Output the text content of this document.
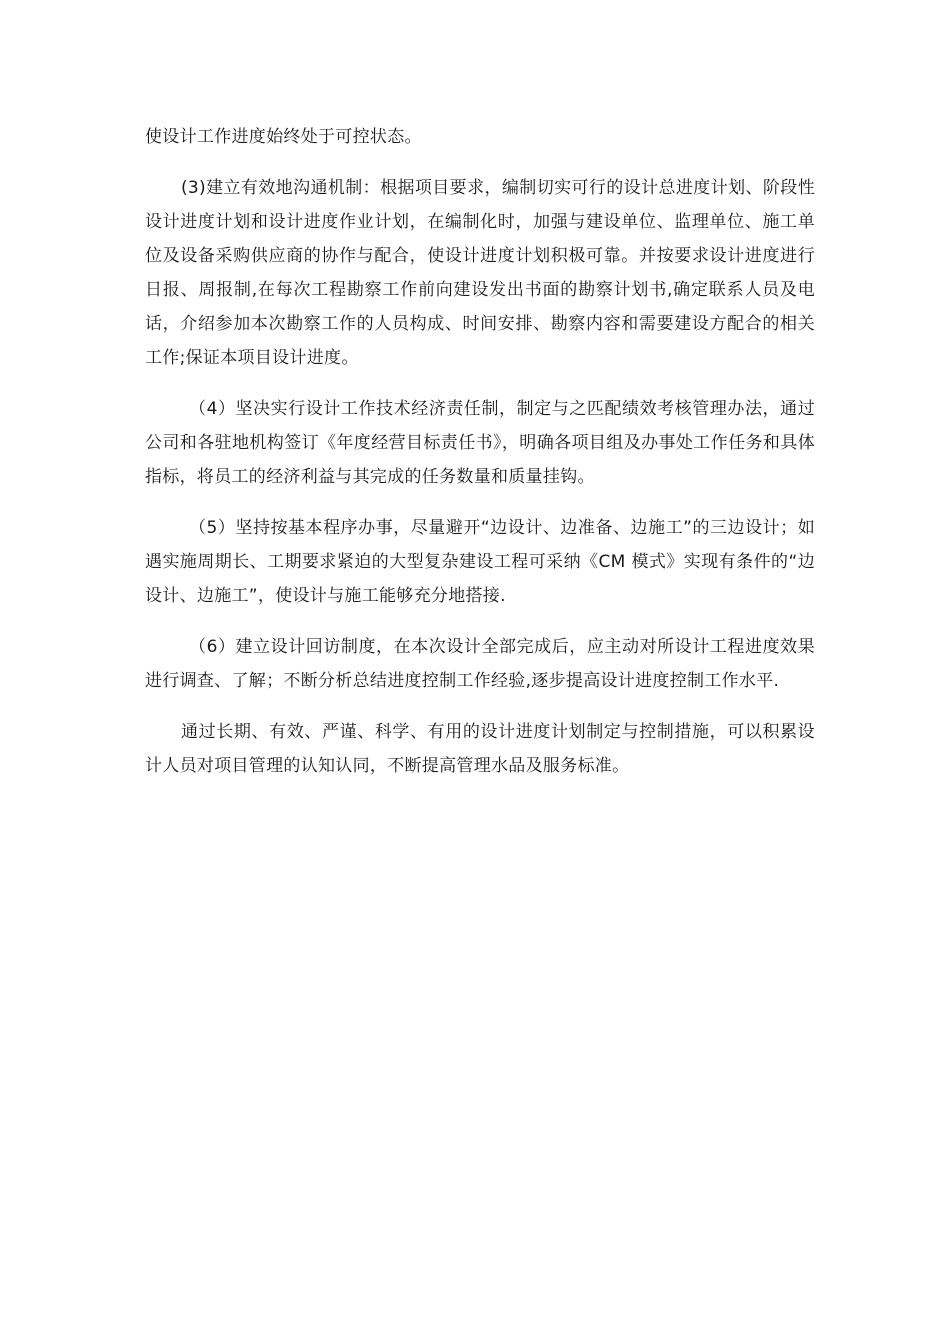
使设计工作进度始终处于可控状态。

(3)建立有效地沟通机制：根据项目要求，编制切实可行的设计总进度计划、阶段性设计进度计划和设计进度作业计划，在编制化时，加强与建设单位、监理单位、施工单位及设备采购供应商的协作与配合，使设计进度计划积极可靠。并按要求设计进度进行日报、周报制,在每次工程勘察工作前向建设发出书面的勘察计划书,确定联系人员及电话，介绍参加本次勘察工作的人员构成、时间安排、勘察内容和需要建设方配合的相关工作;保证本项目设计进度。

（4）坚决实行设计工作技术经济责任制，制定与之匹配绩效考核管理办法，通过公司和各驻地机构签订《年度经营目标责任书》，明确各项目组及办事处工作任务和具体指标，将员工的经济利益与其完成的任务数量和质量挂钩。

（5）坚持按基本程序办事，尽量避开“边设计、边准备、边施工”的三边设计；如遇实施周期长、工期要求紧迫的大型复杂建设工程可采纳《CM 模式》实现有条件的“边设计、边施工”，使设计与施工能够充分地搭接.

（6）建立设计回访制度，在本次设计全部完成后，应主动对所设计工程进度效果进行调查、了解；不断分析总结进度控制工作经验,逐步提高设计进度控制工作水平.

通过长期、有效、严谨、科学、有用的设计进度计划制定与控制措施，可以积累设计人员对项目管理的认知认同，不断提高管理水品及服务标准。
